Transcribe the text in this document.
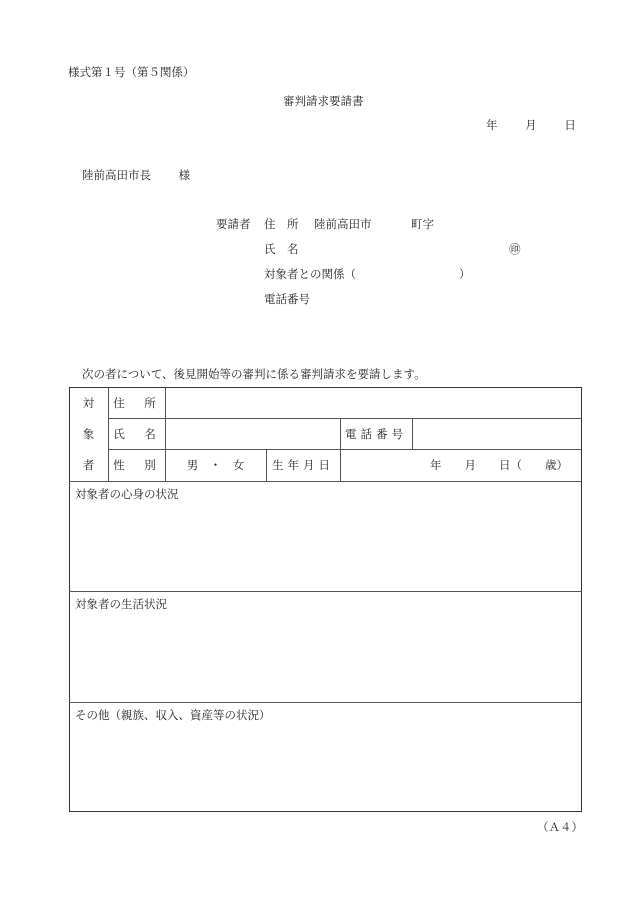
様式第１号（第５関係）
審判請求要請書
年 月 日
陸前高田市長 様
要請者 住　所 陸前高田市	町字
氏　名	㊞
対象者との関係（	）
電話番号
次の者について、後見開始等の審判に係る審判請求を要請します。
対
象
者
住　所
氏　名	電話番号
性　別	男　・　女	生年月日	年　　月　　日（　　歳）
対象者の心身の状況
対象者の生活状況
その他（親族、収入、資産等の状況）
（Ａ４）
